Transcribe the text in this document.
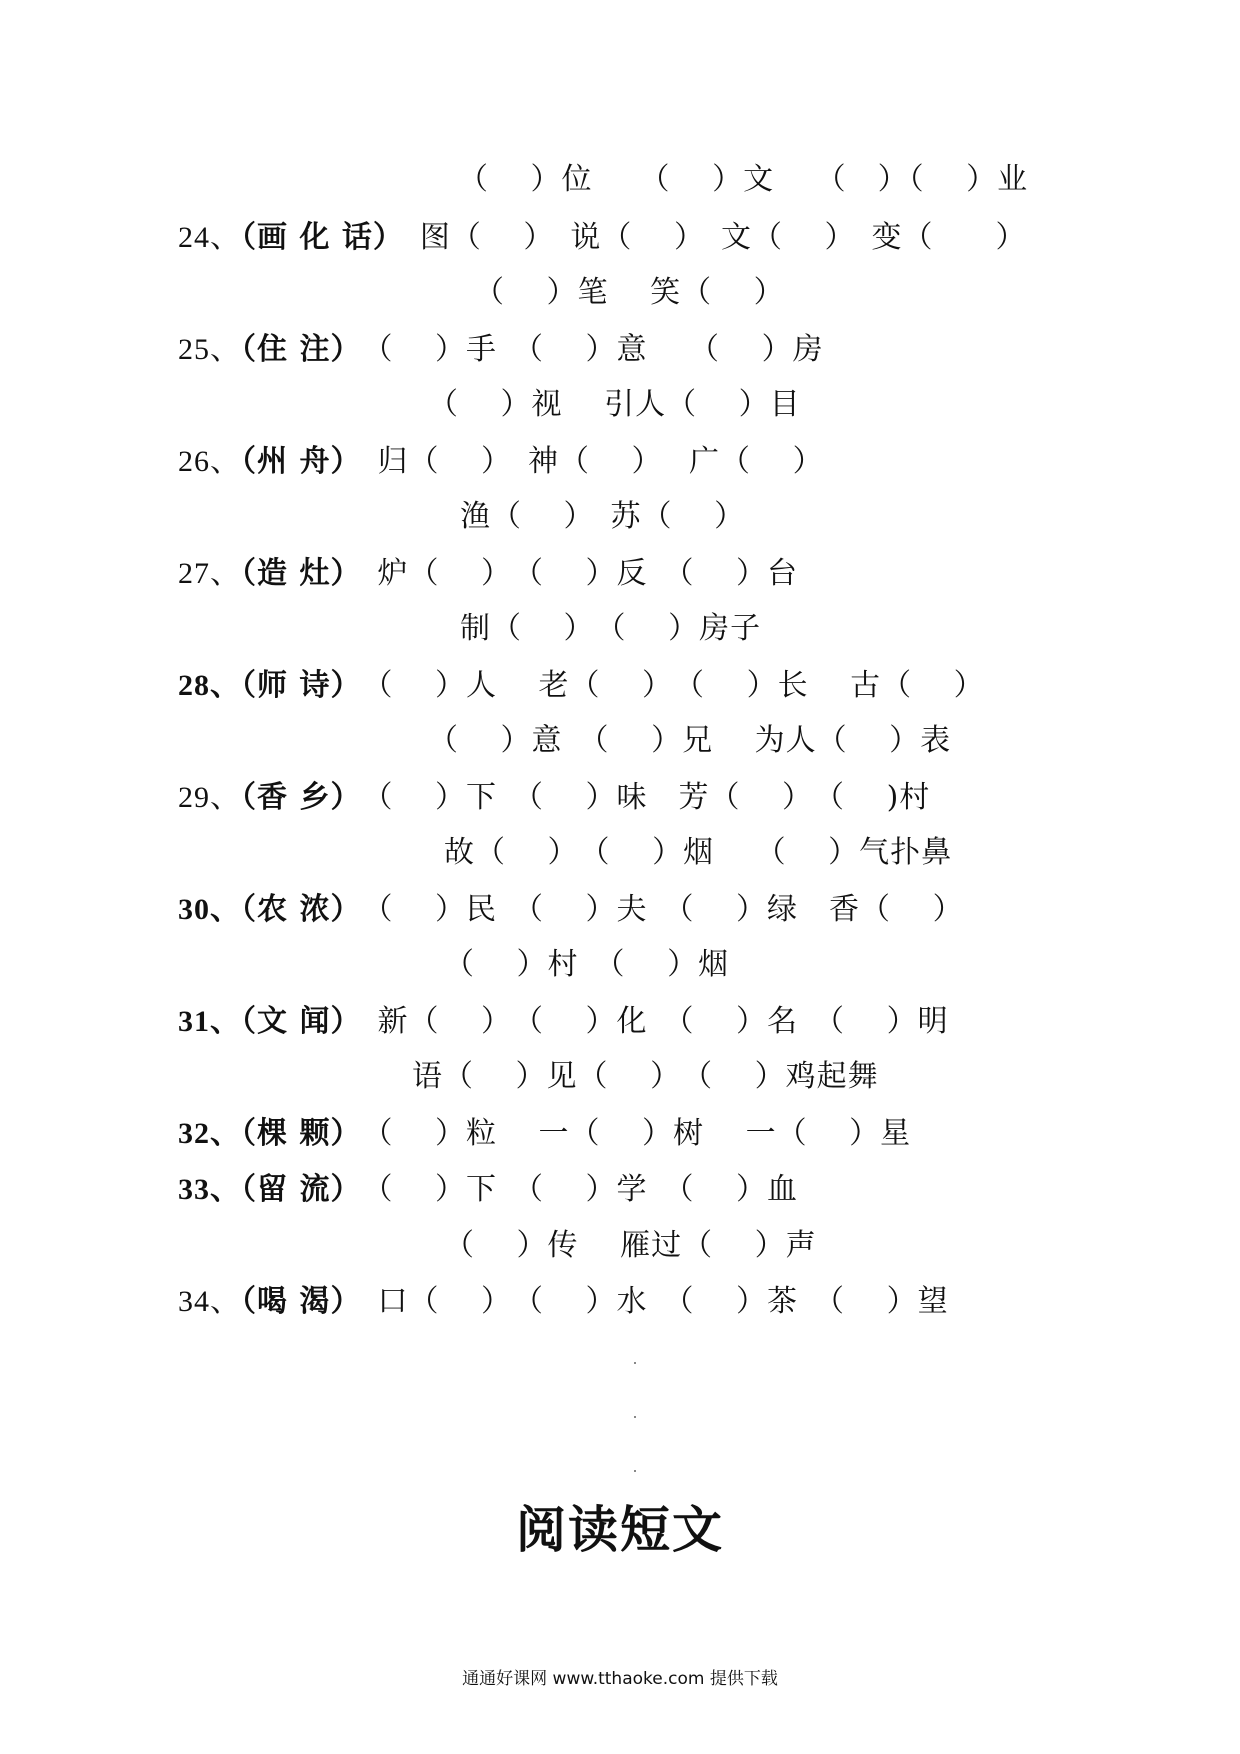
（　 ）位　　（　 ）文　 （　）（　 ）业
24、（画 化 话）　 图（　 ）　说（　 ）　文（　 ）　变（　　）
（　 ）笔　 笑（　 ）
25、（住 注）　 （　 ）手　（　 ）意　 （　 ）房
（　 ）视　 引人（　 ）目
26、（州 舟）　 归（　 ）　神（　 ）　 广（　 ）
渔（　 ）　苏（　 ）
27、（造 灶）　 炉（　 ）　（　 ）反　（　 ）台
制（　 ）　（　 ）房子
28、（师 诗）　 （　 ）人　 老（　 ）　（　 ）长　 古（　 ）
（　 ）意　（　 ）兄　 为人（　 ）表
29、（香 乡）　 （　 ）下　（　 ）味　芳（　 ）　（　 )村
故（　 ）　（　 ）烟　 （　 ）气扑鼻
30、（农 浓）　 （　 ）民　（　 ）夫　（　 ）绿　香（　 ）
（　 ）村　（　 ）烟
31、（文 闻）　 新（　 ）　（　 ）化　（　 ）名　（　 ）明
语（　 ）见（　 ）　（　 ）鸡起舞
32、（棵 颗）　 （　 ）粒　 一（　 ）树　 一（　 ）星
33、（留 流）　 （　 ）下　（　 ）学　（　 ）血
（　 ）传　 雁过（　 ）声
34、（喝 渴）　 口（　 ）　（　 ）水　（　 ）茶　（　 ）望
阅读短文
通通好课网 www.tthaoke.com 提供下载
